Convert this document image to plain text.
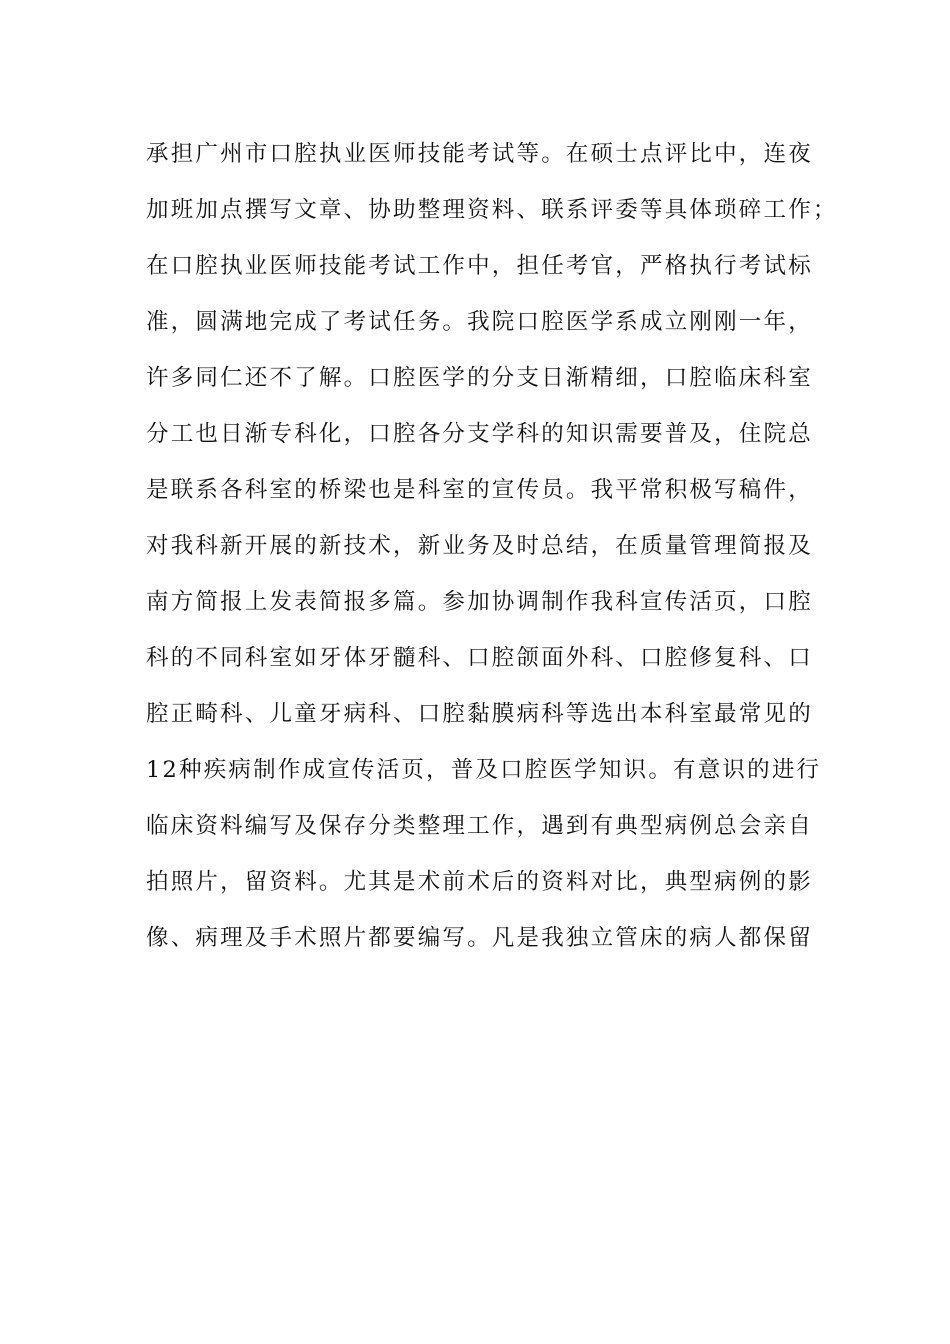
承担广州市口腔执业医师技能考试等。在硕士点评比中，连夜
加班加点撰写文章、协助整理资料、联系评委等具体琐碎工作；
在口腔执业医师技能考试工作中，担任考官，严格执行考试标
准，圆满地完成了考试任务。我院口腔医学系成立刚刚一年，
许多同仁还不了解。口腔医学的分支日渐精细，口腔临床科室
分工也日渐专科化，口腔各分支学科的知识需要普及，住院总
是联系各科室的桥梁也是科室的宣传员。我平常积极写稿件，
对我科新开展的新技术，新业务及时总结，在质量管理简报及
南方简报上发表简报多篇。参加协调制作我科宣传活页，口腔
科的不同科室如牙体牙髓科、口腔颌面外科、口腔修复科、口
腔正畸科、儿童牙病科、口腔黏膜病科等选出本科室最常见的
12种疾病制作成宣传活页，普及口腔医学知识。有意识的进行
临床资料编写及保存分类整理工作，遇到有典型病例总会亲自
拍照片，留资料。尤其是术前术后的资料对比，典型病例的影
像、病理及手术照片都要编写。凡是我独立管床的病人都保留
